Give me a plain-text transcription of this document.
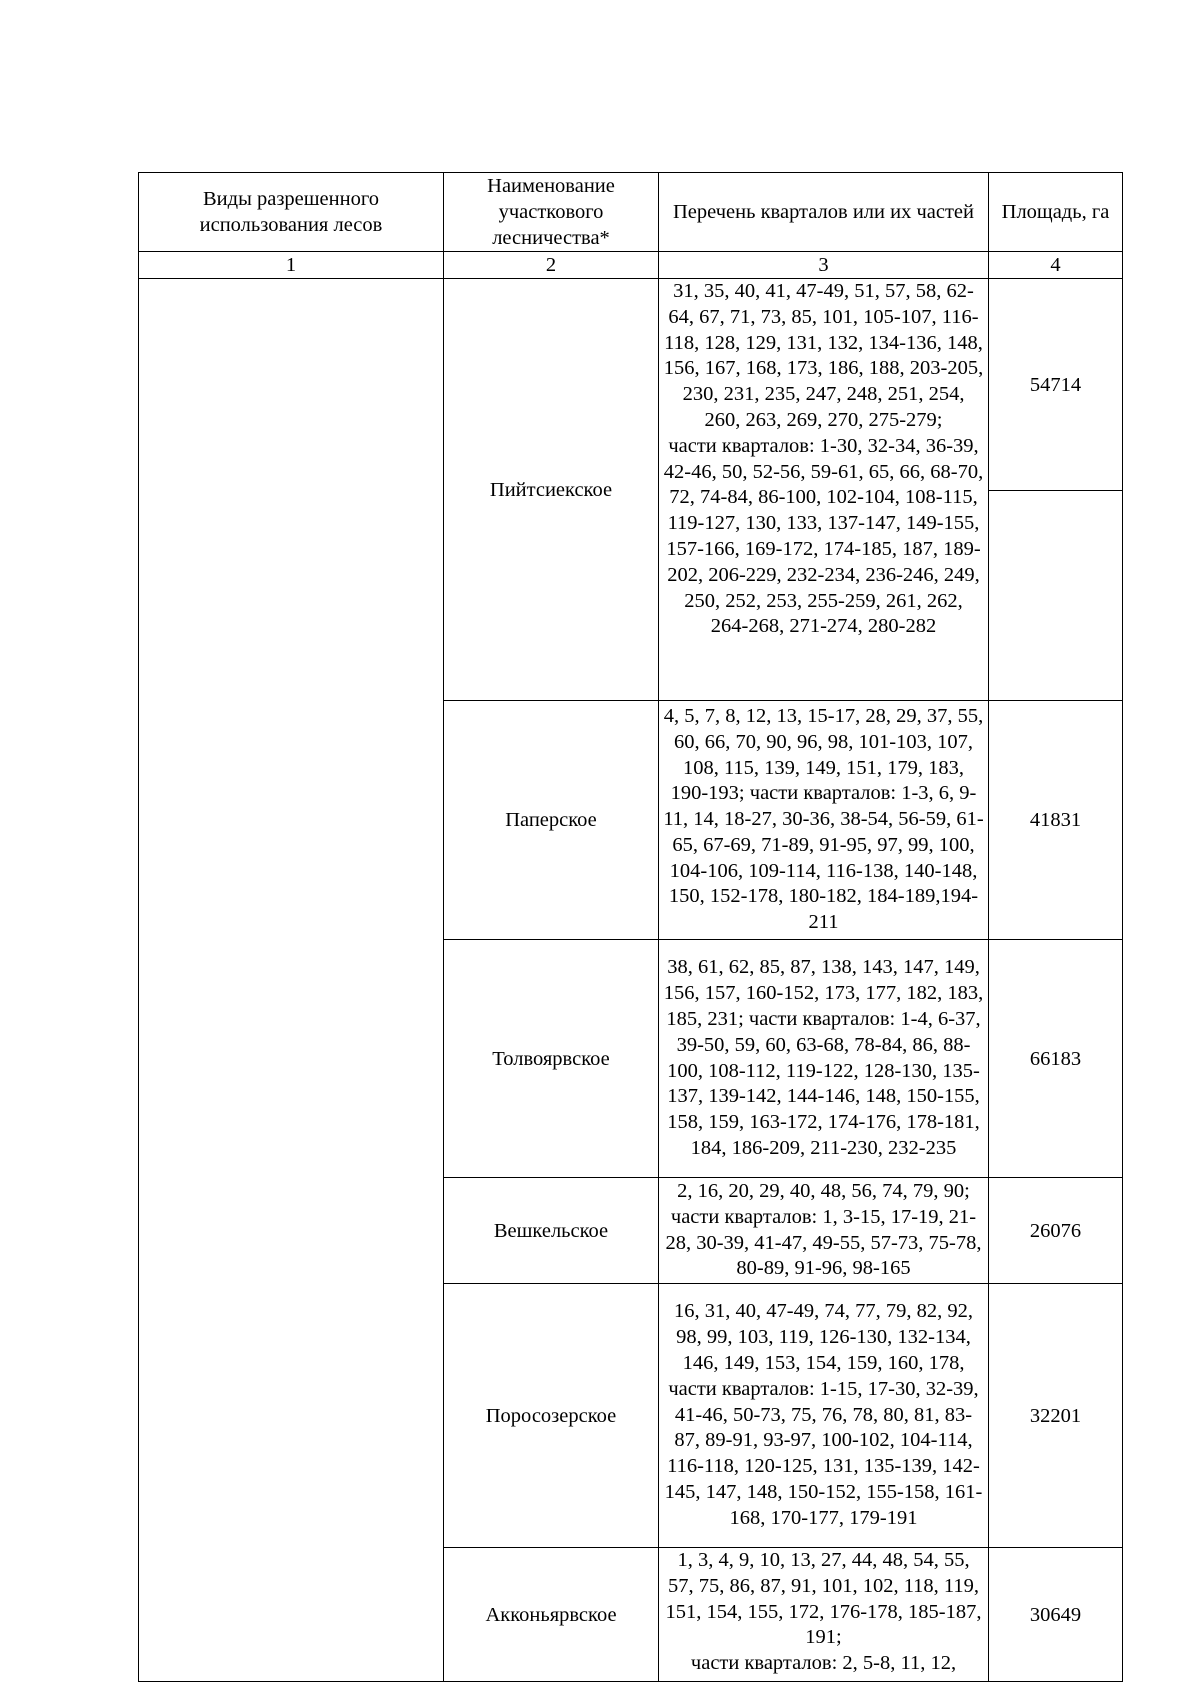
Виды разрешенного использования лесов	Наименование участкового лесничества*	Перечень кварталов или их частей	Площадь, га
1	2	3	4
	Пийтсиекское	31, 35, 40, 41, 47-49, 51, 57, 58, 62-64, 67, 71, 73, 85, 101, 105-107, 116-118, 128, 129, 131, 132, 134-136, 148, 156, 167, 168, 173, 186, 188, 203-205, 230, 231, 235, 247, 248, 251, 254, 260, 263, 269, 270, 275-279;
части кварталов: 1-30, 32-34, 36-39, 42-46, 50, 52-56, 59-61, 65, 66, 68-70, 72, 74-84, 86-100, 102-104, 108-115, 119-127, 130, 133, 137-147, 149-155, 157-166, 169-172, 174-185, 187, 189-202, 206-229, 232-234, 236-246, 249, 250, 252, 253, 255-259, 261, 262, 264-268, 271-274, 280-282	54714

	Паперское	4, 5, 7, 8, 12, 13, 15-17, 28, 29, 37, 55, 60, 66, 70, 90, 96, 98, 101-103, 107, 108, 115, 139, 149, 151, 179, 183, 190-193; части кварталов: 1-3, 6, 9-11, 14, 18-27, 30-36, 38-54, 56-59, 61-65, 67-69, 71-89, 91-95, 97, 99, 100, 104-106, 109-114, 116-138, 140-148, 150, 152-178, 180-182, 184-189,194-211	41831
	Толвоярвское	38, 61, 62, 85, 87, 138, 143, 147, 149, 156, 157, 160-152, 173, 177, 182, 183, 185, 231; части кварталов: 1-4, 6-37, 39-50, 59, 60, 63-68, 78-84, 86, 88-100, 108-112, 119-122, 128-130, 135-137, 139-142, 144-146, 148, 150-155, 158, 159, 163-172, 174-176, 178-181, 184, 186-209, 211-230, 232-235	66183
	Вешкельское	2, 16, 20, 29, 40, 48, 56, 74, 79, 90; части кварталов: 1, 3-15, 17-19, 21-28, 30-39, 41-47, 49-55, 57-73, 75-78, 80-89, 91-96, 98-165	26076
	Поросозерское	16, 31, 40, 47-49, 74, 77, 79, 82, 92, 98, 99, 103, 119, 126-130, 132-134, 146, 149, 153, 154, 159, 160, 178, части кварталов: 1-15, 17-30, 32-39, 41-46, 50-73, 75, 76, 78, 80, 81, 83-87, 89-91, 93-97, 100-102, 104-114, 116-118, 120-125, 131, 135-139, 142-145, 147, 148, 150-152, 155-158, 161-168, 170-177, 179-191	32201
	Акконьярвское	1, 3, 4, 9, 10, 13, 27, 44, 48, 54, 55, 57, 75, 86, 87, 91, 101, 102, 118, 119, 151, 154, 155, 172, 176-178, 185-187, 191;
части кварталов: 2, 5-8, 11, 12,	30649
